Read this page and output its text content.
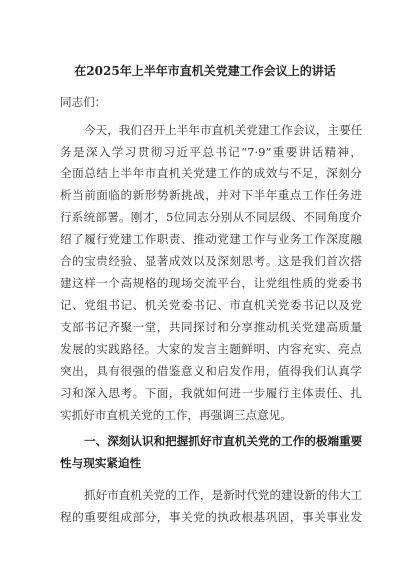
在2025年上半年市直机关党建工作会议上的讲话
同志们：
今天，我们召开上半年市直机关党建工作会议，主要任
务是深入学习贯彻习近平总书记“7·9”重要讲话精神，
全面总结上半年市直机关党建工作的成效与不足，深刻分
析当前面临的新形势新挑战，并对下半年重点工作任务进
行系统部署。刚才，5位同志分别从不同层级、不同角度介
绍了履行党建工作职责、推动党建工作与业务工作深度融
合的宝贵经验、显著成效以及深刻思考。这是我们首次搭
建这样一个高规格的现场交流平台，让党组性质的党委书
记、党组书记、机关党委书记、市直机关党委书记以及党
支部书记齐聚一堂，共同探讨和分享推动机关党建高质量
发展的实践路径。大家的发言主题鲜明、内容充实、亮点
突出，具有很强的借鉴意义和启发作用，值得我们认真学
习和深入思考。下面，我就如何进一步履行主体责任、扎
实抓好市直机关党的工作，再强调三点意见。
一、深刻认识和把握抓好市直机关党的工作的极端重要
性与现实紧迫性
抓好市直机关党的工作，是新时代党的建设新的伟大工
程的重要组成部分，事关党的执政根基巩固，事关事业发
